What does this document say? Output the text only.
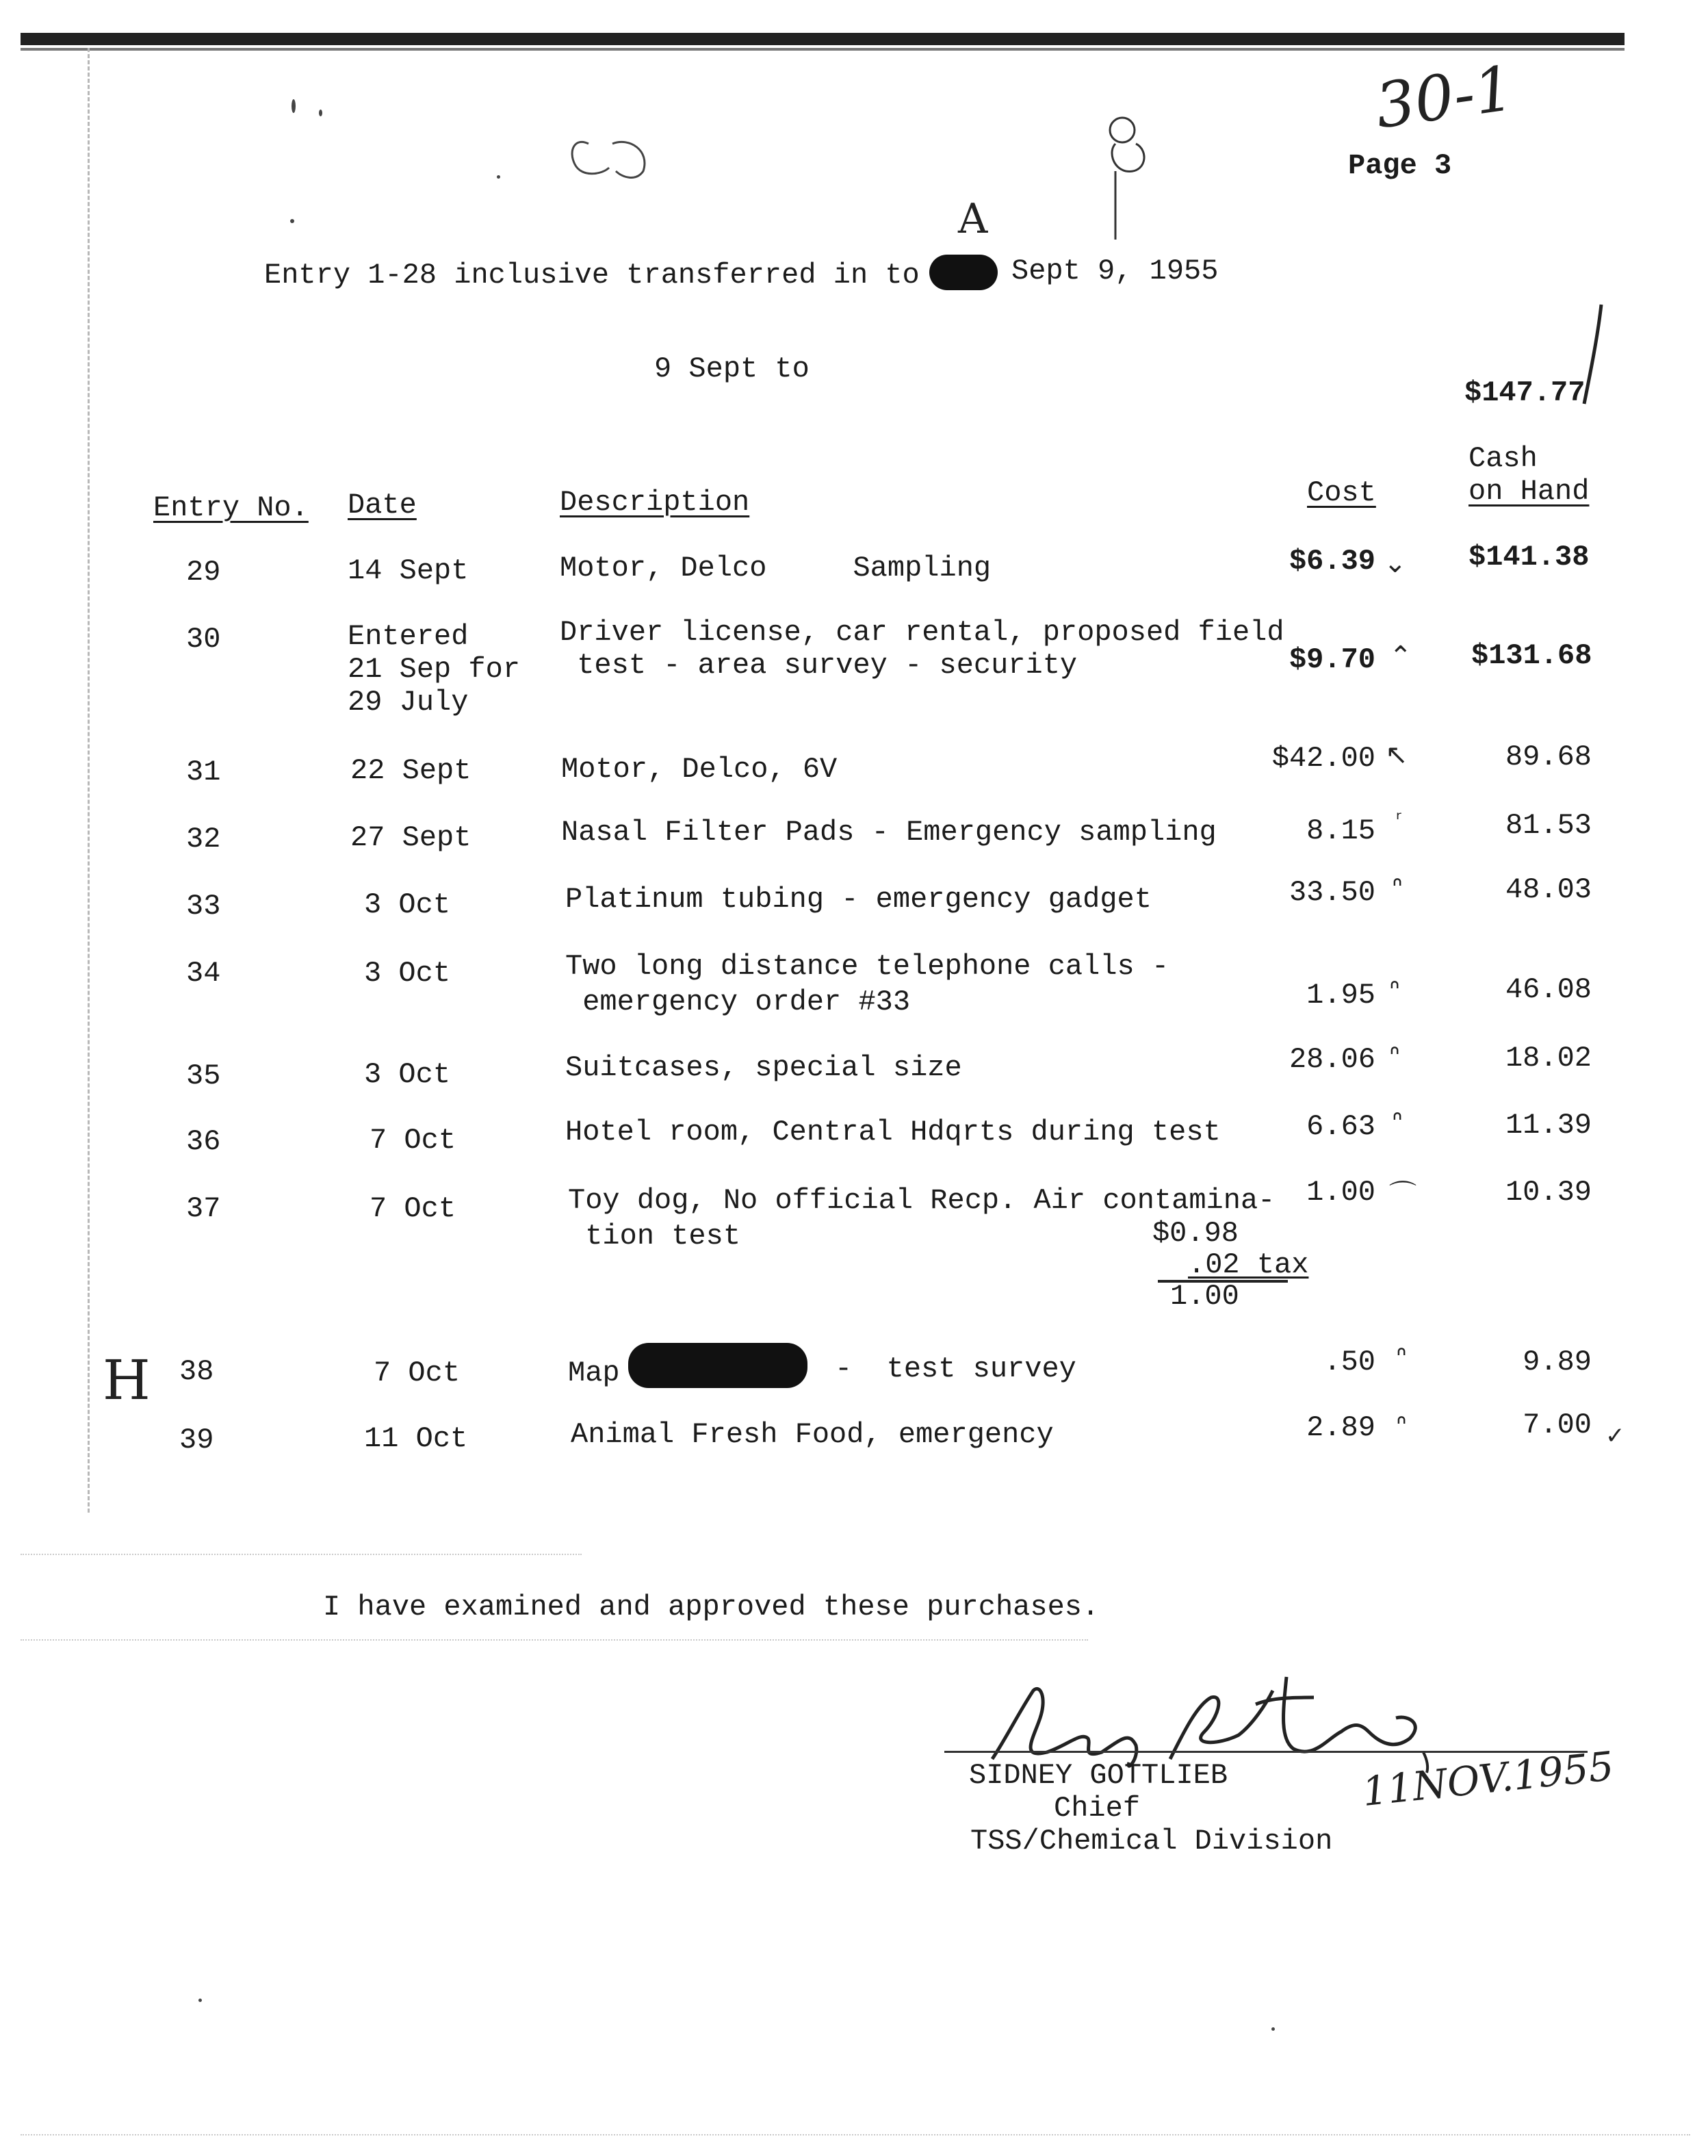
30-1
Page 3
A
Entry 1-28 inclusive transferred in to	Sept 9, 1955
9 Sept to
$147.77
Entry No. Date	Description	Cost
Cash
on Hand
29	14 Sept	Motor, Delco     Sampling	$6.39 ⌄ $141.38
30	Entered
21 Sep for
29 July
Driver license, car rental, proposed field
test - area survey - security	$9.70 ⌃ $131.68
31	22 Sept	Motor, Delco, 6V	$42.00 ↖	89.68
32	27 Sept	Nasal Filter Pads - Emergency sampling	8.15 ʳ	81.53
33	3 Oct	Platinum tubing - emergency gadget	33.50 ᐢ	48.03
34	3 Oct	Two long distance telephone calls -
emergency order #33	1.95 ᐢ	46.08
35	3 Oct	Suitcases, special size	28.06 ᐢ	18.02
36	7 Oct	Hotel room, Central Hdqrts during test	6.63 ᐢ	11.39
37	7 Oct	Toy dog, No official Recp. Air contamina-
tion test
1.00 ⌒	10.39
$0.98
.02 tax
1.00
H 38	7 Oct	Map	-  test survey	.50 ᐢ	9.89
39	11 Oct	Animal Fresh Food, emergency	2.89 ᐢ	7.00 ✓
I have examined and approved these purchases.
SIDNEY GOTTLIEB	11NOV.1955
Chief
TSS/Chemical Division
